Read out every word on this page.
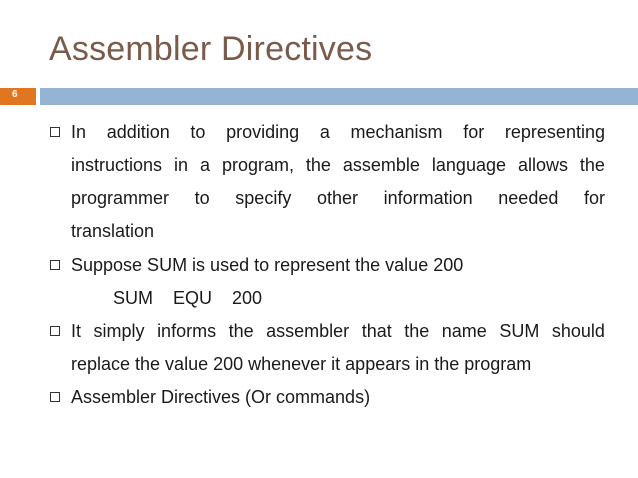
Assembler Directives
6
In addition to providing a mechanism for representing
instructions in a program, the assemble language allows the
programmer to specify other information needed for
translation
Suppose SUM is used to represent the value 200
SUM    EQU    200
It simply informs the assembler that the name SUM should
replace the value 200 whenever it appears in the program
Assembler Directives (Or commands)
